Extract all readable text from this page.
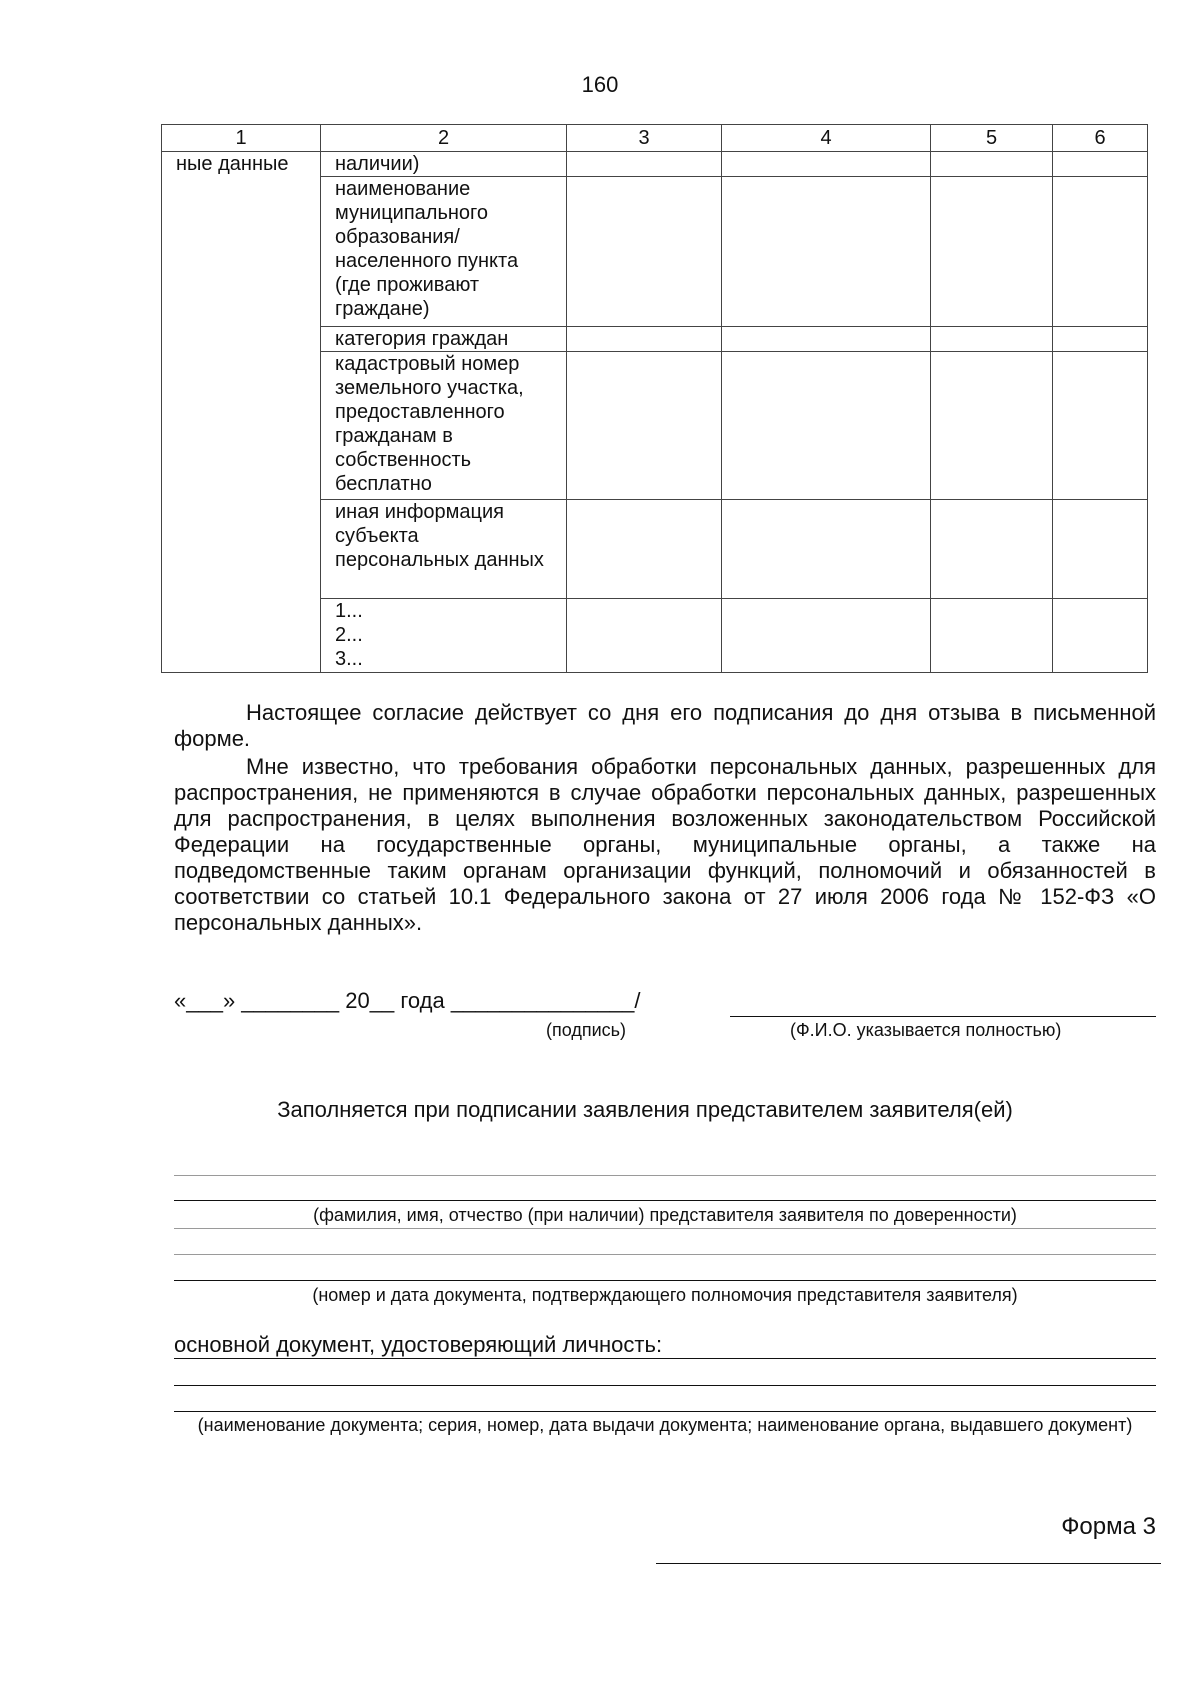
160
1	2	3	4	5	6
ные данные	наличии)				
	наименование муниципального образования/ населенного пункта (где проживают граждане)				
	категория граждан				
	кадастровый номер земельного участка, предоставленного гражданам в собственность бесплатно				
	иная информация субъекта персональных данных				

	1...
2...
3...				

Настоящее согласие действует со дня его подписания до дня отзыва в письменной форме.

Мне известно, что требования обработки персональных данных, разрешенных для распространения, не применяются в случае обработки персональных данных, разрешенных для распространения, в целях выполнения возложенных законодательством Российской Федерации на государственные органы, муниципальные органы, а также на подведомственные таким органам организации функций, полномочий и обязанностей в соответствии со статьей 10.1 Федерального закона от 27 июля 2006 года № 152-ФЗ «О персональных данных».

«___» ________ 20__ года _______________/
(подпись)	(Ф.И.О. указывается полностью)
Заполняется при подписании заявления представителем заявителя(ей)
(фамилия, имя, отчество (при наличии) представителя заявителя по доверенности)
(номер и дата документа, подтверждающего полномочия представителя заявителя)
основной документ, удостоверяющий личность:
(наименование документа; серия, номер, дата выдачи документа; наименование органа, выдавшего документ)
Форма 3
